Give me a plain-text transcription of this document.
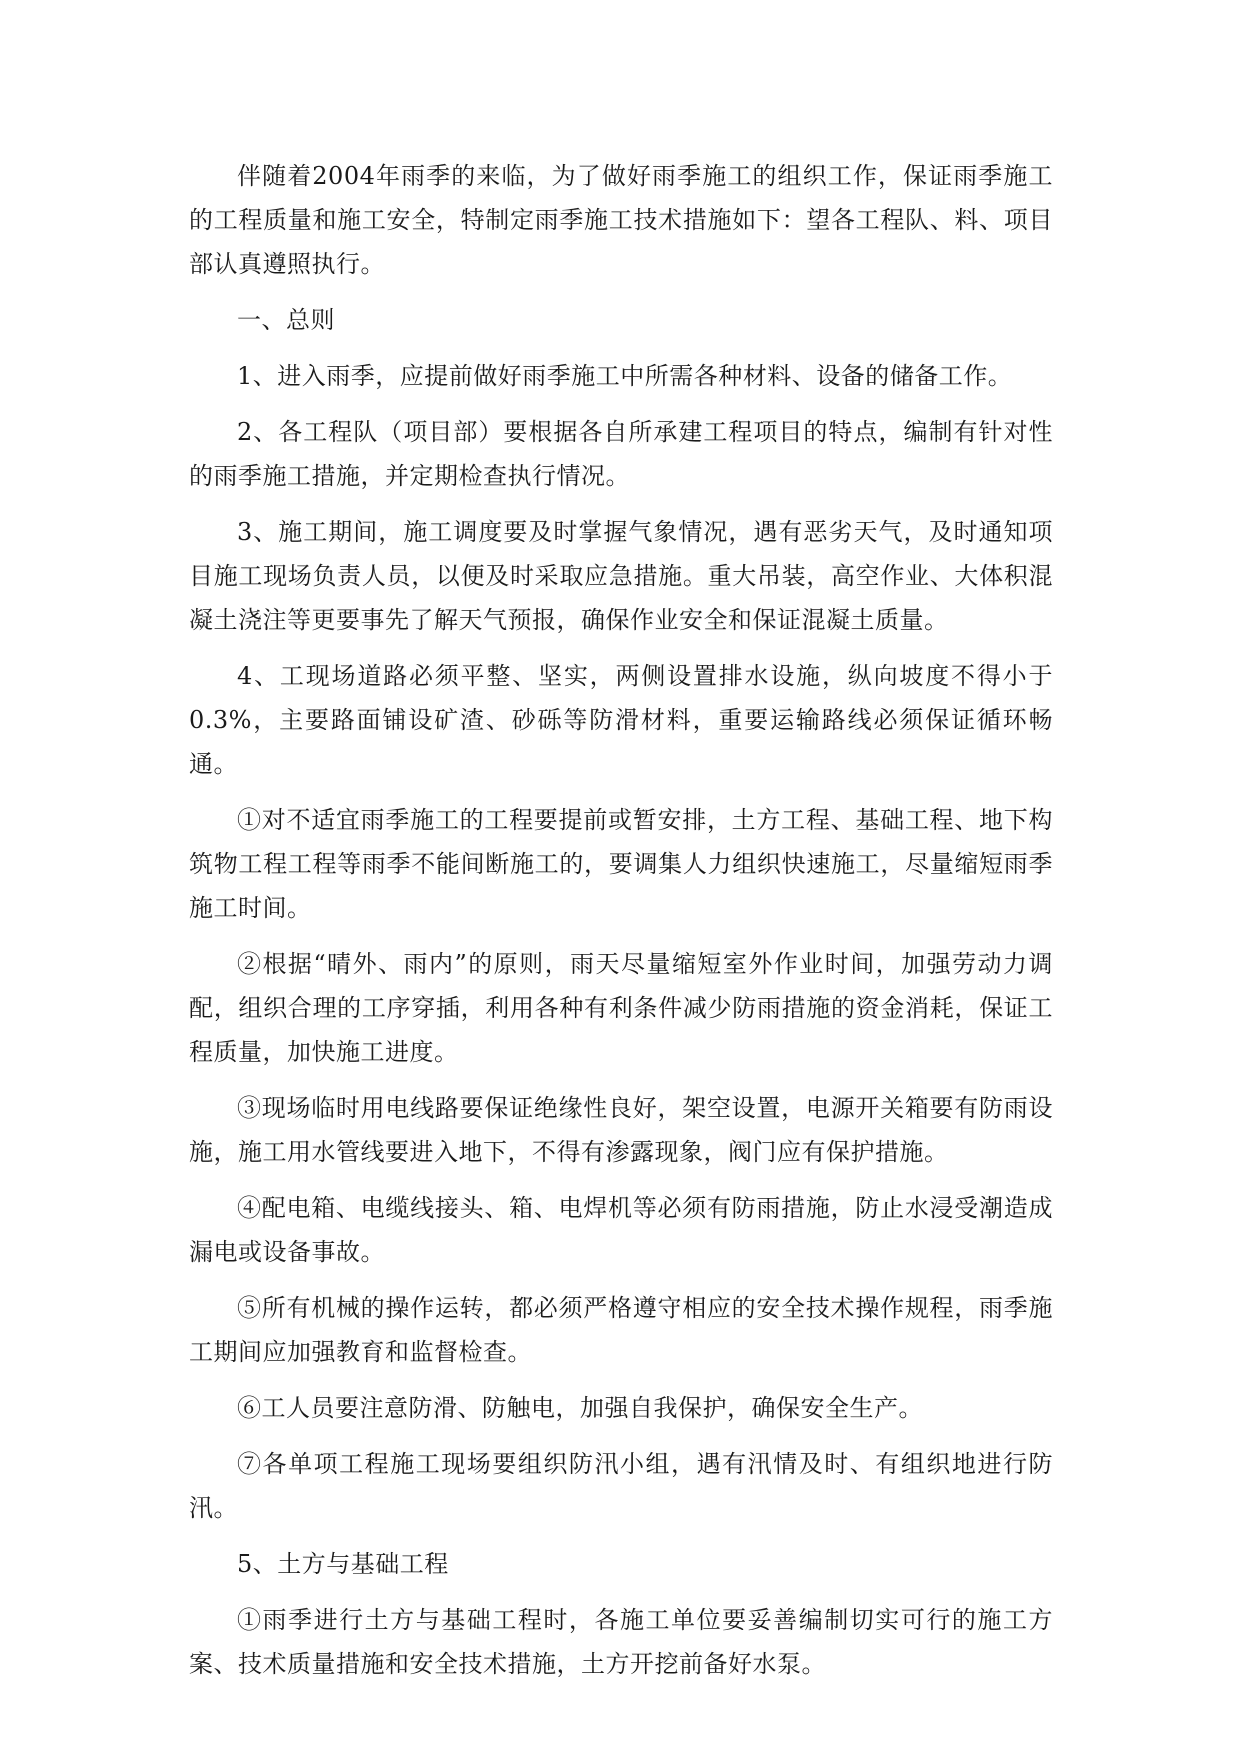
伴随着2004年雨季的来临，为了做好雨季施工的组织工作，保证雨季施工的工程质量和施工安全，特制定雨季施工技术措施如下：望各工程队、料、项目部认真遵照执行。

一、总则

1、进入雨季，应提前做好雨季施工中所需各种材料、设备的储备工作。

2、各工程队（项目部）要根据各自所承建工程项目的特点，编制有针对性的雨季施工措施，并定期检查执行情况。

3、施工期间，施工调度要及时掌握气象情况，遇有恶劣天气，及时通知项目施工现场负责人员，以便及时采取应急措施。重大吊装，高空作业、大体积混凝土浇注等更要事先了解天气预报，确保作业安全和保证混凝土质量。

4、工现场道路必须平整、坚实，两侧设置排水设施，纵向坡度不得小于0.3%，主要路面铺设矿渣、砂砾等防滑材料，重要运输路线必须保证循环畅通。

①对不适宜雨季施工的工程要提前或暂安排，土方工程、基础工程、地下构筑物工程工程等雨季不能间断施工的，要调集人力组织快速施工，尽量缩短雨季施工时间。

②根据“晴外、雨内”的原则，雨天尽量缩短室外作业时间，加强劳动力调配，组织合理的工序穿插，利用各种有利条件减少防雨措施的资金消耗，保证工程质量，加快施工进度。

③现场临时用电线路要保证绝缘性良好，架空设置，电源开关箱要有防雨设施，施工用水管线要进入地下，不得有渗露现象，阀门应有保护措施。

④配电箱、电缆线接头、箱、电焊机等必须有防雨措施，防止水浸受潮造成漏电或设备事故。

⑤所有机械的操作运转，都必须严格遵守相应的安全技术操作规程，雨季施工期间应加强教育和监督检查。

⑥工人员要注意防滑、防触电，加强自我保护，确保安全生产。

⑦各单项工程施工现场要组织防汛小组，遇有汛情及时、有组织地进行防汛。

5、土方与基础工程

①雨季进行土方与基础工程时，各施工单位要妥善编制切实可行的施工方案、技术质量措施和安全技术措施，土方开挖前备好水泵。
